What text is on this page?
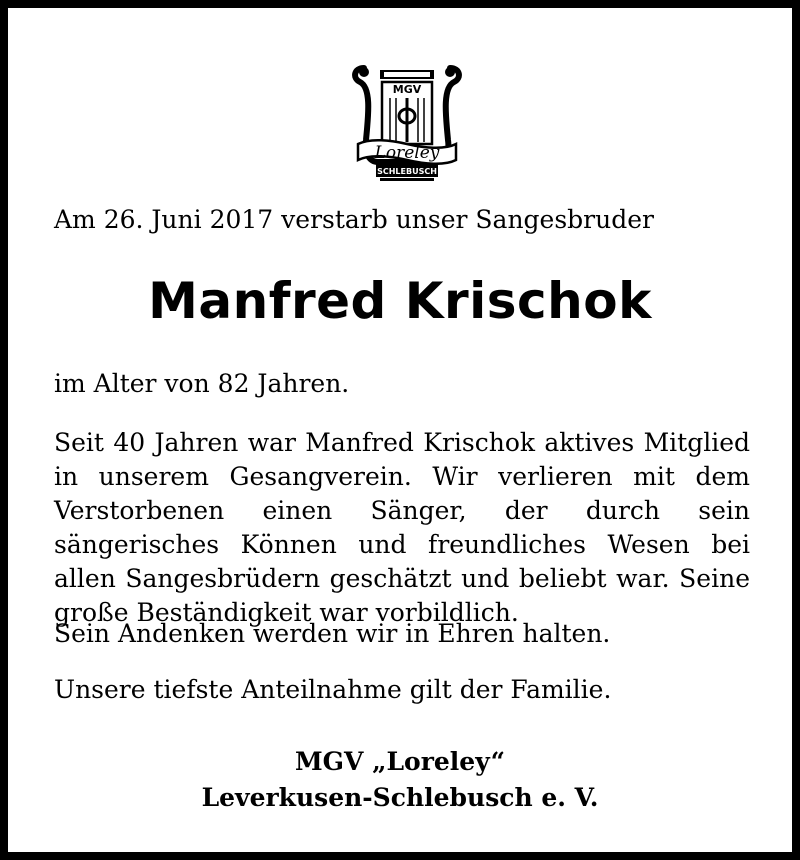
MGV
Loreley
SCHLEBUSCH
Am 26. Juni 2017 verstarb unser Sangesbruder
Manfred Krischok
im Alter von 82 Jahren.
Seit 40 Jahren war Manfred Krischok aktives Mitglied in unserem Gesangverein. Wir verlieren mit dem Verstorbenen einen Sänger, der durch sein sängerisches Können und freundliches Wesen bei allen Sangesbrüdern geschätzt und beliebt war. Seine große Beständigkeit war vorbildlich.
Sein Andenken werden wir in Ehren halten.
Unsere tiefste Anteilnahme gilt der Familie.
MGV „Loreley“
Leverkusen-Schlebusch e. V.
